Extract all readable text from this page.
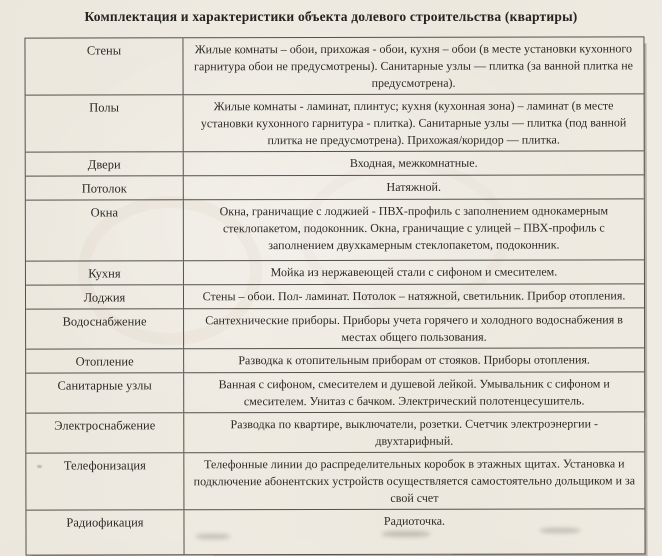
Комплектация и характеристики объекта долевого строительства (квартиры)
Стены	Жилые комнаты – обои, прихожая - обои, кухня – обои (в месте установки кухонного гарнитура обои не предусмотрены). Санитарные узлы — плитка (за ванной плитка не предусмотрена).
Полы	Жилые комнаты - ламинат, плинтус; кухня (кухонная зона) – ламинат (в месте установки кухонного гарнитура - плитка). Санитарные узлы — плитка (под ванной плитка не предусмотрена). Прихожая/коридор — плитка.
Двери	Входная, межкомнатные.
Потолок	Натяжной.
Окна	Окна, граничащие с лоджией - ПВХ-профиль с заполнением однокамерным стеклопакетом, подоконник. Окна, граничащие с улицей – ПВХ-профиль с заполнением двухкамерным стеклопакетом, подоконник.
Кухня	Мойка из нержавеющей стали с сифоном и смесителем.
Лоджия	Стены – обои. Пол- ламинат. Потолок – натяжной, светильник. Прибор отопления.
Водоснабжение	Сантехнические приборы. Приборы учета горячего и холодного водоснабжения в местах общего пользования.
Отопление	Разводка к отопительным приборам от стояков. Приборы отопления.
Санитарные узлы	Ванная с сифоном, смесителем и душевой лейкой. Умывальник с сифоном и смесителем. Унитаз с бачком. Электрический полотенцесушитель.
Электроснабжение	Разводка по квартире, выключатели, розетки. Счетчик электроэнергии - двухтарифный.
Телефонизация	Телефонные линии до распределительных коробок в этажных щитах. Установка и подключение абонентских устройств осуществляется самостоятельно дольщиком и за свой счет
Радиофикация	Радиоточка.
